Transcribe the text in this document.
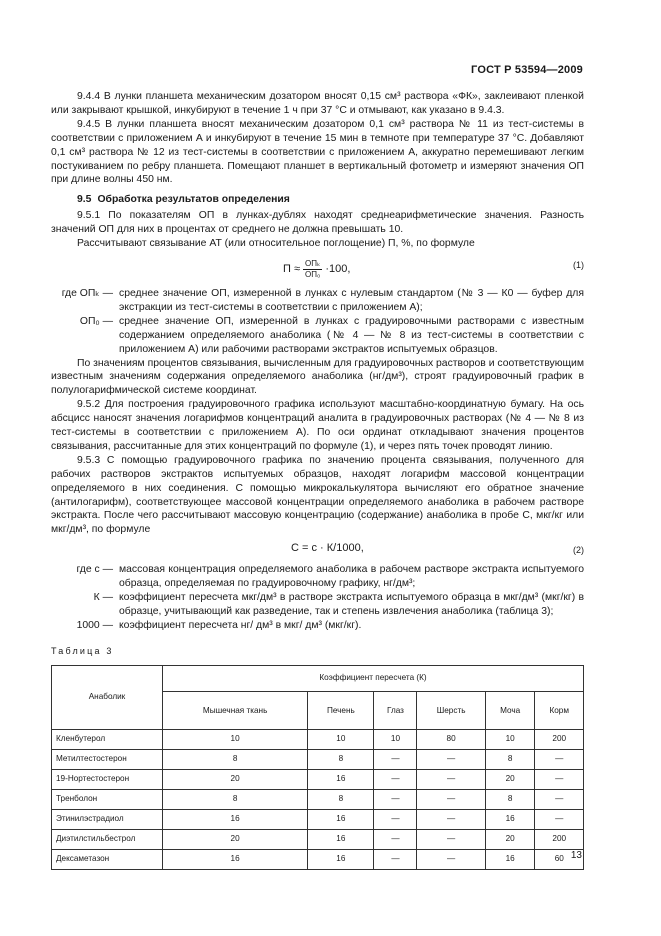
ГОСТ Р 53594—2009

9.4.4 В лунки планшета механическим дозатором вносят 0,15 см³ раствора «ФК», заклеивают пленкой или закрывают крышкой, инкубируют в течение 1 ч при 37 °С и отмывают, как указано в 9.4.3.

9.4.5 В лунки планшета вносят механическим дозатором 0,1 см³ раствора № 11 из тест-системы в соответствии с приложением А и инкубируют в течение 15 мин в темноте при температуре 37 °С. Добавляют 0,1 см³ раствора № 12 из тест-системы в соответствии с приложением А, аккуратно перемешивают легким постукиванием по ребру планшета. Помещают планшет в вертикальный фотометр и измеряют значения ОП при длине волны 450 нм.

9.5 Обработка результатов определения

9.5.1 По показателям ОП в лунках-дублях находят среднеарифметические значения. Разность значений ОП для них в процентах от среднего не должна превышать 10.

Рассчитывают связывание АТ (или относительное поглощение) П, %, по формуле

$П \approx \frac{\text{ОПₖ}}{\text{ОП₀}} \cdot 100$,	(1)
где ОПₖ —	среднее значение ОП, измеренной в лунках с нулевым стандартом (№ 3 — К0 — буфер для экстракции из тест-системы в соответствии с приложением А);
ОП₀ —	среднее значение ОП, измеренной в лунках с градуировочными растворами с известным содержанием определяемого анаболика (№ 4 — № 8 из тест-системы в соответствии с приложением А) или рабочими растворами экстрактов испытуемых образцов.

По значениям процентов связывания, вычисленным для градуировочных растворов и соответствующим известным значениям содержания определяемого анаболика (нг/дм³), строят градуировочный график в полулогарифмической системе координат.

9.5.2 Для построения градуировочного графика используют масштабно-координатную бумагу. На ось абсцисс наносят значения логарифмов концентраций аналита в градуировочных растворах (№ 4 — № 8 из тест-системы в соответствии с приложением А). По оси ординат откладывают значения процентов связывания, рассчитанные для этих концентраций по формуле (1), и через пять точек проводят линию.

9.5.3 С помощью градуировочного графика по значению процента связывания, полученного для рабочих растворов экстрактов испытуемых образцов, находят логарифм массовой концентрации определяемого в них соединения. С помощью микрокалькулятора вычисляют его обратное значение (антилогарифм), соответствующее массовой концентрации определяемого анаболика в рабочем растворе экстракта. После чего рассчитывают массовую концентрацию (содержание) анаболика в пробе С, мкг/кг или мкг/дм³, по формуле

С = с · К/1000,	(2)
где с —	массовая концентрация определяемого анаболика в рабочем растворе экстракта испытуемого образца, определяемая по градуировочному графику, нг/дм³;
К —	коэффициент пересчета мкг/дм³ в растворе экстракта испытуемого образца в мкг/дм³ (мкг/кг) в образце, учитывающий как разведение, так и степень извлечения анаболика (таблица 3);
1000 —	коэффициент пересчета нг/ дм³ в мкг/ дм³ (мкг/кг).
Таблица 3
Анаболик	Коэффициент пересчета (К)					
	Мышечная ткань	Печень	Глаз	Шерсть	Моча	Корм
Кленбутерол	10	10	10	80	10	200
Метилтестостерон	8	8	—	—	8	—
19-Нортестостерон	20	16	—	—	20	—
Тренболон	8	8	—	—	8	—
Этинилэстрадиол	16	16	—	—	16	—
Диэтилстильбестрол	20	16	—	—	20	200
Дексаметазон	16	16	—	—	16	60 13
